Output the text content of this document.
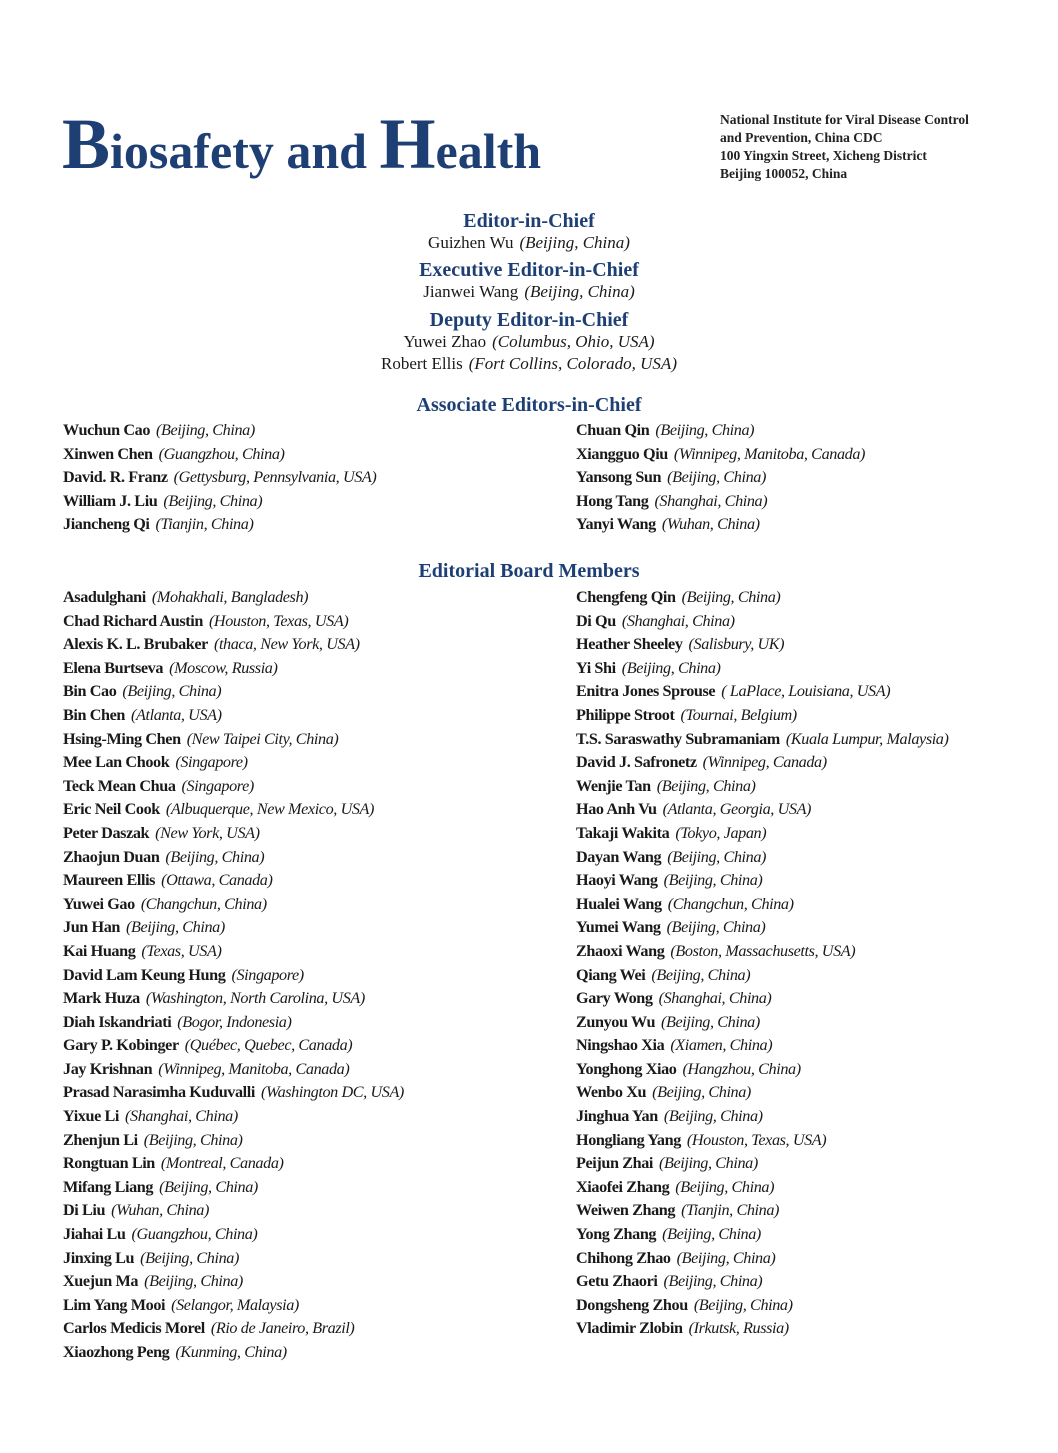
Biosafety and Health
National Institute for Viral Disease Control
and Prevention, China CDC
100 Yingxin Street, Xicheng District
Beijing 100052, China

Editor-in-Chief

Guizhen Wu (Beijing, China)

Executive Editor-in-Chief

Jianwei Wang (Beijing, China)

Deputy Editor-in-Chief

Yuwei Zhao (Columbus, Ohio, USA)

Robert Ellis (Fort Collins, Colorado, USA)

Associate Editors-in-Chief
Wuchun Cao (Beijing, China)
Xinwen Chen (Guangzhou, China)
David. R. Franz (Gettysburg, Pennsylvania, USA)
William J. Liu (Beijing, China)
Jiancheng Qi (Tianjin, China)
Chuan Qin (Beijing, China)
Xiangguo Qiu (Winnipeg, Manitoba, Canada)
Yansong Sun (Beijing, China)
Hong Tang (Shanghai, China)
Yanyi Wang (Wuhan, China)
Editorial Board Members
Asadulghani (Mohakhali, Bangladesh)
Chad Richard Austin (Houston, Texas, USA)
Alexis K. L. Brubaker (thaca, New York, USA)
Elena Burtseva (Moscow, Russia)
Bin Cao (Beijing, China)
Bin Chen (Atlanta, USA)
Hsing-Ming Chen (New Taipei City, China)
Mee Lan Chook (Singapore)
Teck Mean Chua (Singapore)
Eric Neil Cook (Albuquerque, New Mexico, USA)
Peter Daszak (New York, USA)
Zhaojun Duan (Beijing, China)
Maureen Ellis (Ottawa, Canada)
Yuwei Gao (Changchun, China)
Jun Han (Beijing, China)
Kai Huang (Texas, USA)
David Lam Keung Hung (Singapore)
Mark Huza (Washington, North Carolina, USA)
Diah Iskandriati (Bogor, Indonesia)
Gary P. Kobinger (Québec, Quebec, Canada)
Jay Krishnan (Winnipeg, Manitoba, Canada)
Prasad Narasimha Kuduvalli (Washington DC, USA)
Yixue Li (Shanghai, China)
Zhenjun Li (Beijing, China)
Rongtuan Lin (Montreal, Canada)
Mifang Liang (Beijing, China)
Di Liu (Wuhan, China)
Jiahai Lu (Guangzhou, China)
Jinxing Lu (Beijing, China)
Xuejun Ma (Beijing, China)
Lim Yang Mooi (Selangor, Malaysia)
Carlos Medicis Morel (Rio de Janeiro, Brazil)
Xiaozhong Peng (Kunming, China)
Chengfeng Qin (Beijing, China)
Di Qu (Shanghai, China)
Heather Sheeley (Salisbury, UK)
Yi Shi (Beijing, China)
Enitra Jones Sprouse ( LaPlace, Louisiana, USA)
Philippe Stroot (Tournai, Belgium)
T.S. Saraswathy Subramaniam (Kuala Lumpur, Malaysia)
David J. Safronetz (Winnipeg, Canada)
Wenjie Tan (Beijing, China)
Hao Anh Vu (Atlanta, Georgia, USA)
Takaji Wakita (Tokyo, Japan)
Dayan Wang (Beijing, China)
Haoyi Wang (Beijing, China)
Hualei Wang (Changchun, China)
Yumei Wang (Beijing, China)
Zhaoxi Wang (Boston, Massachusetts, USA)
Qiang Wei (Beijing, China)
Gary Wong (Shanghai, China)
Zunyou Wu (Beijing, China)
Ningshao Xia (Xiamen, China)
Yonghong Xiao (Hangzhou, China)
Wenbo Xu (Beijing, China)
Jinghua Yan (Beijing, China)
Hongliang Yang (Houston, Texas, USA)
Peijun Zhai (Beijing, China)
Xiaofei Zhang (Beijing, China)
Weiwen Zhang (Tianjin, China)
Yong Zhang (Beijing, China)
Chihong Zhao (Beijing, China)
Getu Zhaori (Beijing, China)
Dongsheng Zhou (Beijing, China)
Vladimir Zlobin (Irkutsk, Russia)
